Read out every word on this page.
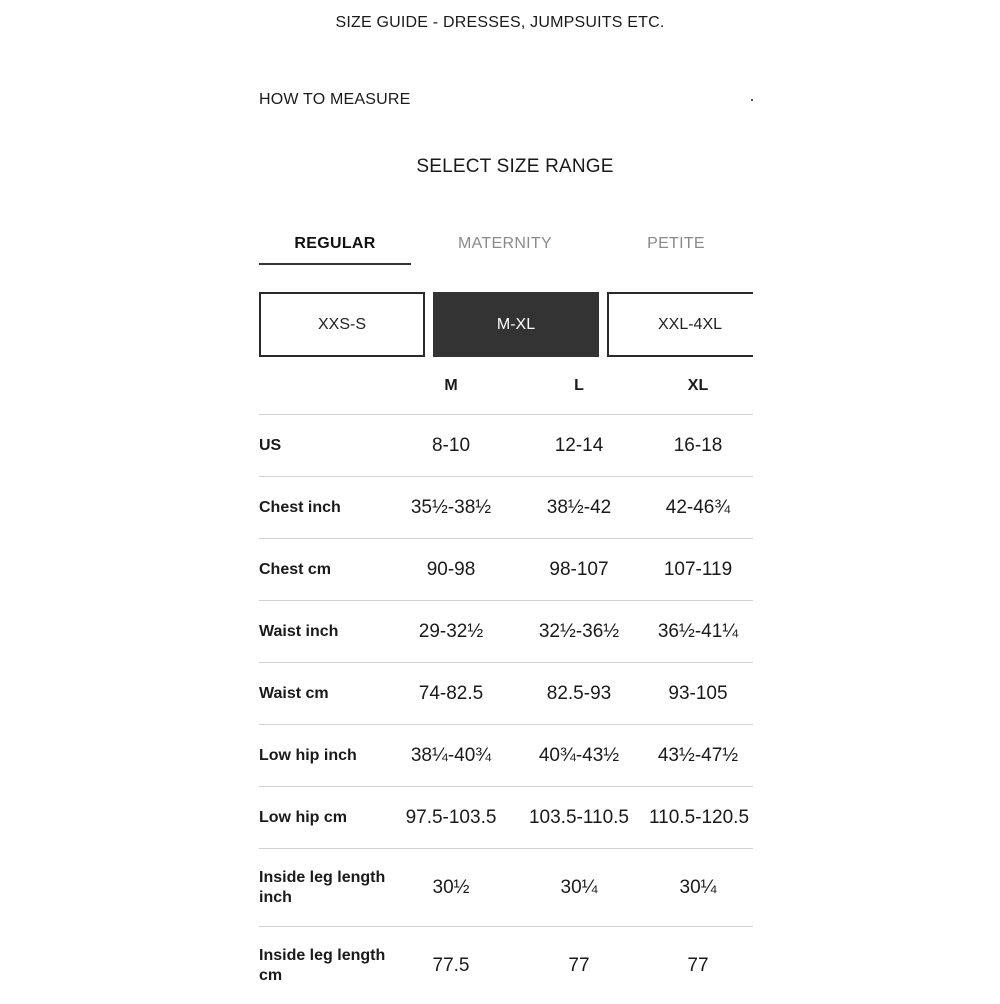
SIZE GUIDE - DRESSES, JUMPSUITS ETC.
HOW TO MEASURE
SELECT SIZE RANGE
REGULAR	MATERNITY	PETITE
XXS-S	M-XL	XXL-4XL
	M	L	XL
US	8-10	12-14	16-18
Chest inch	35½-38½	38½-42	42-46¾
Chest cm	90-98	98-107	107-119
Waist inch	29-32½	32½-36½	36½-41¼
Waist cm	74-82.5	82.5-93	93-105
Low hip inch	38¼-40¾	40¾-43½	43½-47½
Low hip cm	97.5-103.5	103.5-110.5	110.5-120.5
Inside leg length inch	30½	30¼	30¼
Inside leg length cm	77.5	77	77
